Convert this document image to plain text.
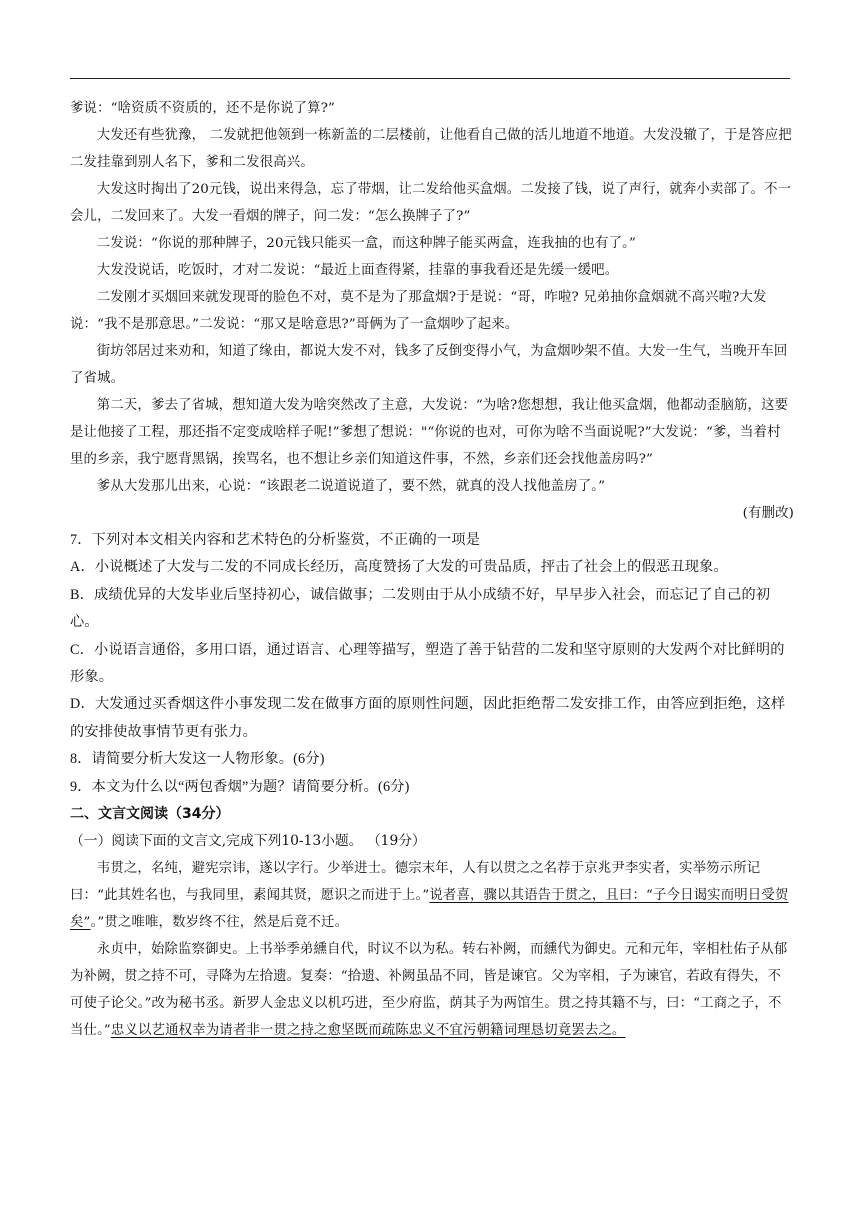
爹说：“啥资质不资质的，还不是你说了算?”

大发还有些犹豫， 二发就把他领到一栋新盖的二层楼前，让他看自己做的活儿地道不地道。大发没辙了，于是答应把二发挂靠到别人名下，爹和二发很高兴。

大发这时掏出了20元钱，说出来得急，忘了带烟，让二发给他买盒烟。二发接了钱，说了声行，就奔小卖部了。不一会儿，二发回来了。大发一看烟的牌子，问二发：“怎么换牌子了?”

二发说：“你说的那种牌子，20元钱只能买一盒，而这种牌子能买两盒，连我抽的也有了。”

大发没说话，吃饭时，才对二发说：“最近上面查得紧，挂靠的事我看还是先缓一缓吧。

二发刚才买烟回来就发现哥的脸色不对，莫不是为了那盒烟?于是说：“哥，咋啦? 兄弟抽你盒烟就不高兴啦?大发说：“我不是那意思。”二发说：“那又是啥意思?”哥俩为了一盒烟吵了起来。

街坊邻居过来劝和，知道了缘由，都说大发不对，钱多了反倒变得小气，为盒烟吵架不值。大发一生气，当晚开车回了省城。

第二天，爹去了省城，想知道大发为啥突然改了主意，大发说：“为啥?您想想，我让他买盒烟，他都动歪脑筋，这要是让他接了工程，那还指不定变成啥样子呢!”爹想了想说："“你说的也对，可你为啥不当面说呢?”大发说：“爹，当着村里的乡亲，我宁愿背黑锅，挨骂名，也不想让乡亲们知道这件事，不然，乡亲们还会找他盖房吗?”

爹从大发那儿出来，心说：“该跟老二说道说道了，要不然，就真的没人找他盖房了。”

(有删改)

7．下列对本文相关内容和艺术特色的分析鉴赏，不正确的一项是

A．小说概述了大发与二发的不同成长经历，高度赞扬了大发的可贵品质，抨击了社会上的假恶丑现象。

B．成绩优异的大发毕业后坚持初心，诚信做事；二发则由于从小成绩不好，早早步入社会，而忘记了自己的初心。

C．小说语言通俗，多用口语，通过语言、心理等描写，塑造了善于钻营的二发和坚守原则的大发两个对比鲜明的形象。

D．大发通过买香烟这件小事发现二发在做事方面的原则性问题，因此拒绝帮二发安排工作，由答应到拒绝，这样的安排使故事情节更有张力。

8．请简要分析大发这一人物形象。(6分)

9．本文为什么以“两包香烟”为题？请简要分析。(6分)

二、文言文阅读（34分）

（一）阅读下面的文言文,完成下列10-13小题。 （19分）

韦贯之，名纯，避宪宗讳，遂以字行。少举进士。德宗末年，人有以贯之之名荐于京兆尹李实者，实举笏示所记曰：“此其姓名也，与我同里，素闻其贤，愿识之而进于上。”说者喜，骤以其语告于贯之，且曰：“子今日谒实而明日受贺矣”。”贯之唯唯，数岁终不往，然是后竟不迁。

永贞中，始除监察御史。上书举季弟纁自代，时议不以为私。转右补阙，而纁代为御史。元和元年，宰相杜佑子从郁为补阙，贯之持不可，寻降为左拾遗。复奏：“拾遗、补阙虽品不同，皆是谏官。父为宰相，子为谏官，若政有得失，不可使子论父。”改为秘书丞。新罗人金忠义以机巧进，至少府监，荫其子为两馆生。贯之持其籍不与，曰：“工商之子，不当仕。”忠义以艺通权幸为请者非一贯之持之愈坚既而疏陈忠义不宜污朝籍词理恳切竟罢去之。
